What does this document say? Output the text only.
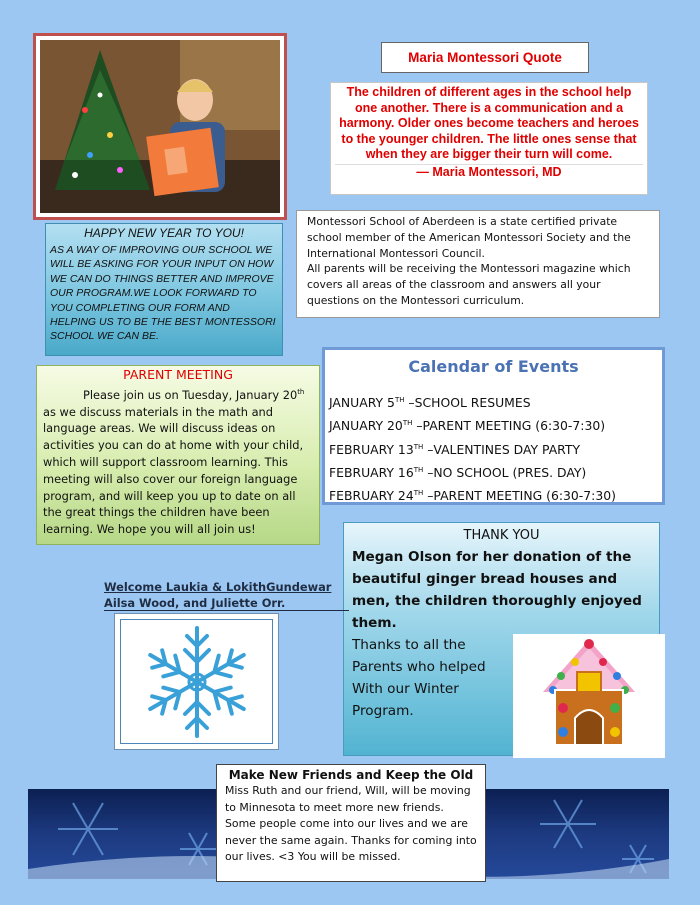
Maria Montessori Quote
The children of different ages in the school help one another. There is a communication and a harmony. Older ones become teachers and heroes to the younger children. The little ones sense that when they are bigger their turn will come.
— Maria Montessori, MD
HAPPY NEW YEAR TO YOU!
AS A WAY OF IMPROVING OUR SCHOOL WE WILL BE ASKING FOR YOUR INPUT ON HOW WE CAN DO THINGS BETTER AND IMPROVE OUR PROGRAM.WE LOOK FORWARD TO YOU COMPLETING OUR FORM AND HELPING US TO BE THE BEST MONTESSORI SCHOOL WE CAN BE.
Montessori School of Aberdeen is a state certified private school member of the American Montessori Society and the International Montessori Council.
All parents will be receiving the Montessori magazine which covers all areas of the classroom and answers all your questions on the Montessori curriculum.
PARENT MEETING
Please join us on Tuesday, January 20th as we discuss materials in the math and language areas. We will discuss ideas on activities you can do at home with your child, which will support classroom learning. This meeting will also cover our foreign language program, and will keep you up to date on all the great things the children have been learning. We hope you will all join us!
Calendar of Events
JANUARY 5TH –SCHOOL RESUMES
JANUARY 20TH –PARENT MEETING (6:30-7:30)
FEBRUARY 13TH –VALENTINES DAY PARTY
FEBRUARY 16TH –NO SCHOOL (PRES. DAY)
FEBRUARY 24TH –PARENT MEETING (6:30-7:30)
THANK YOU
Megan Olson for her donation of the beautiful ginger bread houses and men, the children thoroughly enjoyed them.
Thanks to all the Parents who helped With our Winter Program.
Welcome Laukia & LokithGundewar
Ailsa Wood, and Juliette Orr.
Make New Friends and Keep the Old
Miss Ruth and our friend, Will, will be moving to Minnesota to meet more new friends. Some people come into our lives and we are never the same again. Thanks for coming into our lives. <3 You will be missed.
